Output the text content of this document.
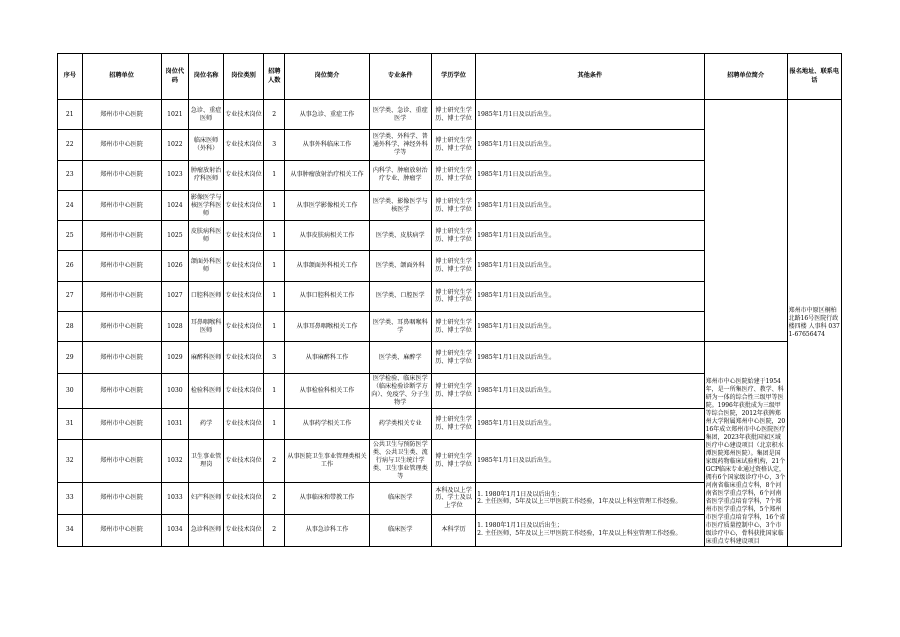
序号	招聘单位	岗位代码	岗位名称	岗位类别	招聘人数	岗位简介	专业条件	学历学位	其他条件	招聘单位简介	报名地址、联系电话
21	郑州市中心医院	1021	急诊、重症医师	专业技术岗位	2	从事急诊、重症工作	医学类、急诊、重症医学	博士研究生学历、博士学位	1985年1月1日及以后出生。		郑州市中原区桐柏北路16号医院行政楼四楼 人事科 0371-67656474
22	郑州市中心医院	1022	临床医师（外科）	专业技术岗位	3	从事外科临床工作	医学类、外科学、普通外科学、神经外科学等	博士研究生学历、博士学位	1985年1月1日及以后出生。		
23	郑州市中心医院	1023	肿瘤放射治疗科医师	专业技术岗位	1	从事肿瘤放射治疗相关工作	内科学、肿瘤放射治疗专业、肿瘤学	博士研究生学历、博士学位	1985年1月1日及以后出生。		
24	郑州市中心医院	1024	影像医学与核医学科医师	专业技术岗位	1	从事医学影像相关工作	医学类、影像医学与核医学	博士研究生学历、博士学位	1985年1月1日及以后出生。		
25	郑州市中心医院	1025	皮肤病科医师	专业技术岗位	1	从事皮肤病相关工作	医学类、皮肤病学	博士研究生学历、博士学位	1985年1月1日及以后出生。		
26	郑州市中心医院	1026	颌面外科医师	专业技术岗位	1	从事颌面外科相关工作	医学类、颌面外科	博士研究生学历、博士学位	1985年1月1日及以后出生。		
27	郑州市中心医院	1027	口腔科医师	专业技术岗位	1	从事口腔科相关工作	医学类、口腔医学	博士研究生学历、博士学位	1985年1月1日及以后出生。		
28	郑州市中心医院	1028	耳鼻咽喉科医师	专业技术岗位	1	从事耳鼻咽喉相关工作	医学类、耳鼻咽喉科学	博士研究生学历、博士学位	1985年1月1日及以后出生。		
29	郑州市中心医院	1029	麻醉科医师	专业技术岗位	3	从事麻醉科工作	医学类、麻醉学	博士研究生学历、博士学位	1985年1月1日及以后出生。	郑州市中心医院始建于1954年，是一所集医疗、教学、科研为一体的综合性三级甲等医院。1996年获批成为三级甲等综合医院，2012年获牌郑州大学附属郑州中心医院，2016年成立郑州市中心医院医疗集团，2023年获批国家区域医疗中心建设项目（北京积水潭医院郑州医院）。集团是国家级药物临床试验机构，21个GCP临床专业通过资格认定，拥有6个国家级诊疗中心，3个河南省临床重点专科，8个河南省医学重点学科，6个河南省医学重点培育学科，7个郑州市医学重点学科，5个郑州市医学重点培育学科，16个省市医疗质量控制中心，3个市级诊疗中心，骨科获批国家临床重点专科建设项目	
30	郑州市中心医院	1030	检验科医师	专业技术岗位	1	从事检验科相关工作	医学检验、临床医学（临床检验诊断学方向）、免疫学、分子生物学	博士研究生学历、博士学位	1985年1月1日及以后出生。		
31	郑州市中心医院	1031	药学	专业技术岗位	1	从事药学相关工作	药学类相关专业	博士研究生学历、博士学位	1985年1月1日及以后出生。		
32	郑州市中心医院	1032	卫生事业管理岗	专业技术岗位	2	从事医院卫生事业管理类相关工作	公共卫生与预防医学类、公共卫生类、流行病与卫生统计学类、卫生事业管理类等	博士研究生学历、博士学位	1985年1月1日及以后出生。		
33	郑州市中心医院	1033	妇产科医师	专业技术岗位	2	从事临床和带教工作	临床医学	本科及以上学历、学士及以上学位	1. 1980年1月1日及以后出生；
2. 主任医师，5年及以上三甲医院工作经验，1年及以上科室管理工作经验。		
34	郑州市中心医院	1034	急诊科医师	专业技术岗位	2	从事急诊科工作	临床医学	本科学历	1. 1980年1月1日及以后出生；
2. 主任医师，5年及以上三甲医院工作经验，1年及以上科室管理工作经验。		
